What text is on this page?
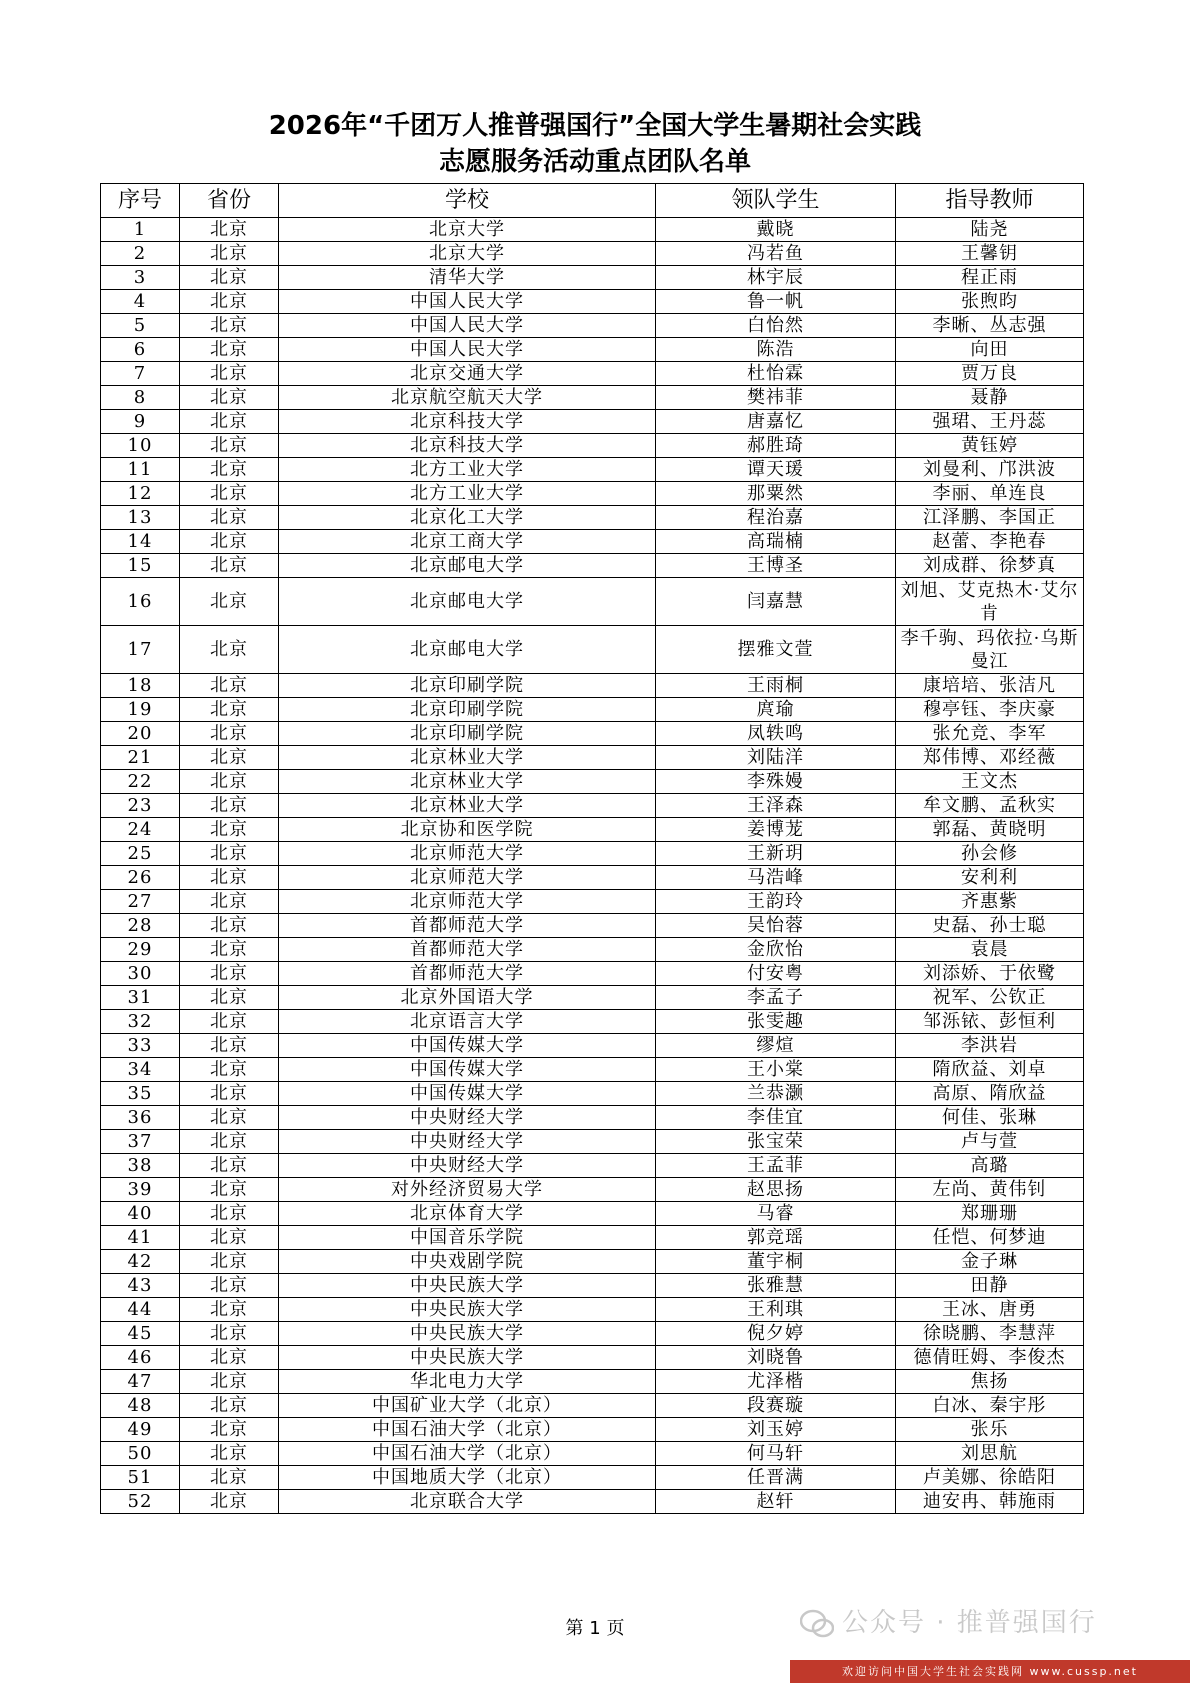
2026年“千团万人推普强国行”全国大学生暑期社会实践
志愿服务活动重点团队名单
序号	省份	学校	领队学生	指导教师
1	北京	北京大学	戴晓	陆尧
2	北京	北京大学	冯若鱼	王馨钥
3	北京	清华大学	林宇辰	程正雨
4	北京	中国人民大学	鲁一帆	张煦昀
5	北京	中国人民大学	白怡然	李晰、丛志强
6	北京	中国人民大学	陈浩	向田
7	北京	北京交通大学	杜怡霖	贾万良
8	北京	北京航空航天大学	樊祎菲	聂静
9	北京	北京科技大学	唐嘉忆	强珺、王丹蕊
10	北京	北京科技大学	郝胜琦	黄钰婷
11	北京	北方工业大学	谭天瑗	刘曼利、邝洪波
12	北京	北方工业大学	那粟然	李丽、单连良
13	北京	北京化工大学	程治嘉	江泽鹏、李国正
14	北京	北京工商大学	高瑞楠	赵蕾、李艳春
15	北京	北京邮电大学	王博圣	刘成群、徐梦真
16	北京	北京邮电大学	闫嘉慧	刘旭、艾克热木·艾尔肯
17	北京	北京邮电大学	摆雅文萱	李千驹、玛依拉·乌斯曼江
18	北京	北京印刷学院	王雨桐	康培培、张洁凡
19	北京	北京印刷学院	庹瑜	穆亭钰、李庆豪
20	北京	北京印刷学院	凤轶鸣	张允竞、李军
21	北京	北京林业大学	刘陆洋	郑伟博、邓经薇
22	北京	北京林业大学	李殊嫚	王文杰
23	北京	北京林业大学	王泽森	牟文鹏、孟秋实
24	北京	北京协和医学院	姜博茏	郭磊、黄晓明
25	北京	北京师范大学	王新玥	孙会修
26	北京	北京师范大学	马浩峰	安利利
27	北京	北京师范大学	王韵玲	齐惠紫
28	北京	首都师范大学	吴怡蓉	史磊、孙士聪
29	北京	首都师范大学	金欣怡	袁晨
30	北京	首都师范大学	付安粤	刘添娇、于依鹭
31	北京	北京外国语大学	李孟子	祝军、公钦正
32	北京	北京语言大学	张雯趣	邹泺铱、彭恒利
33	北京	中国传媒大学	缪煊	李洪岩
34	北京	中国传媒大学	王小棠	隋欣益、刘卓
35	北京	中国传媒大学	兰恭灏	高原、隋欣益
36	北京	中央财经大学	李佳宜	何佳、张琳
37	北京	中央财经大学	张宝荣	卢与萱
38	北京	中央财经大学	王孟菲	高璐
39	北京	对外经济贸易大学	赵思扬	左尚、黄伟钊
40	北京	北京体育大学	马睿	郑珊珊
41	北京	中国音乐学院	郭竞瑶	任恺、何梦迪
42	北京	中央戏剧学院	董宇桐	金子琳
43	北京	中央民族大学	张雅慧	田静
44	北京	中央民族大学	王利琪	王冰、唐勇
45	北京	中央民族大学	倪夕婷	徐晓鹏、李慧萍
46	北京	中央民族大学	刘晓鲁	德倩旺姆、李俊杰
47	北京	华北电力大学	尤泽楷	焦扬
48	北京	中国矿业大学（北京）	段赛璇	白冰、秦宇彤
49	北京	中国石油大学（北京）	刘玉婷	张乐
50	北京	中国石油大学（北京）	何马轩	刘思航
51	北京	中国地质大学（北京）	任晋满	卢美娜、徐皓阳
52	北京	北京联合大学	赵轩	迪安冉、韩施雨
第 1 页	公众号 · 推普强国行
欢迎访问中国大学生社会实践网 www.cussp.net
